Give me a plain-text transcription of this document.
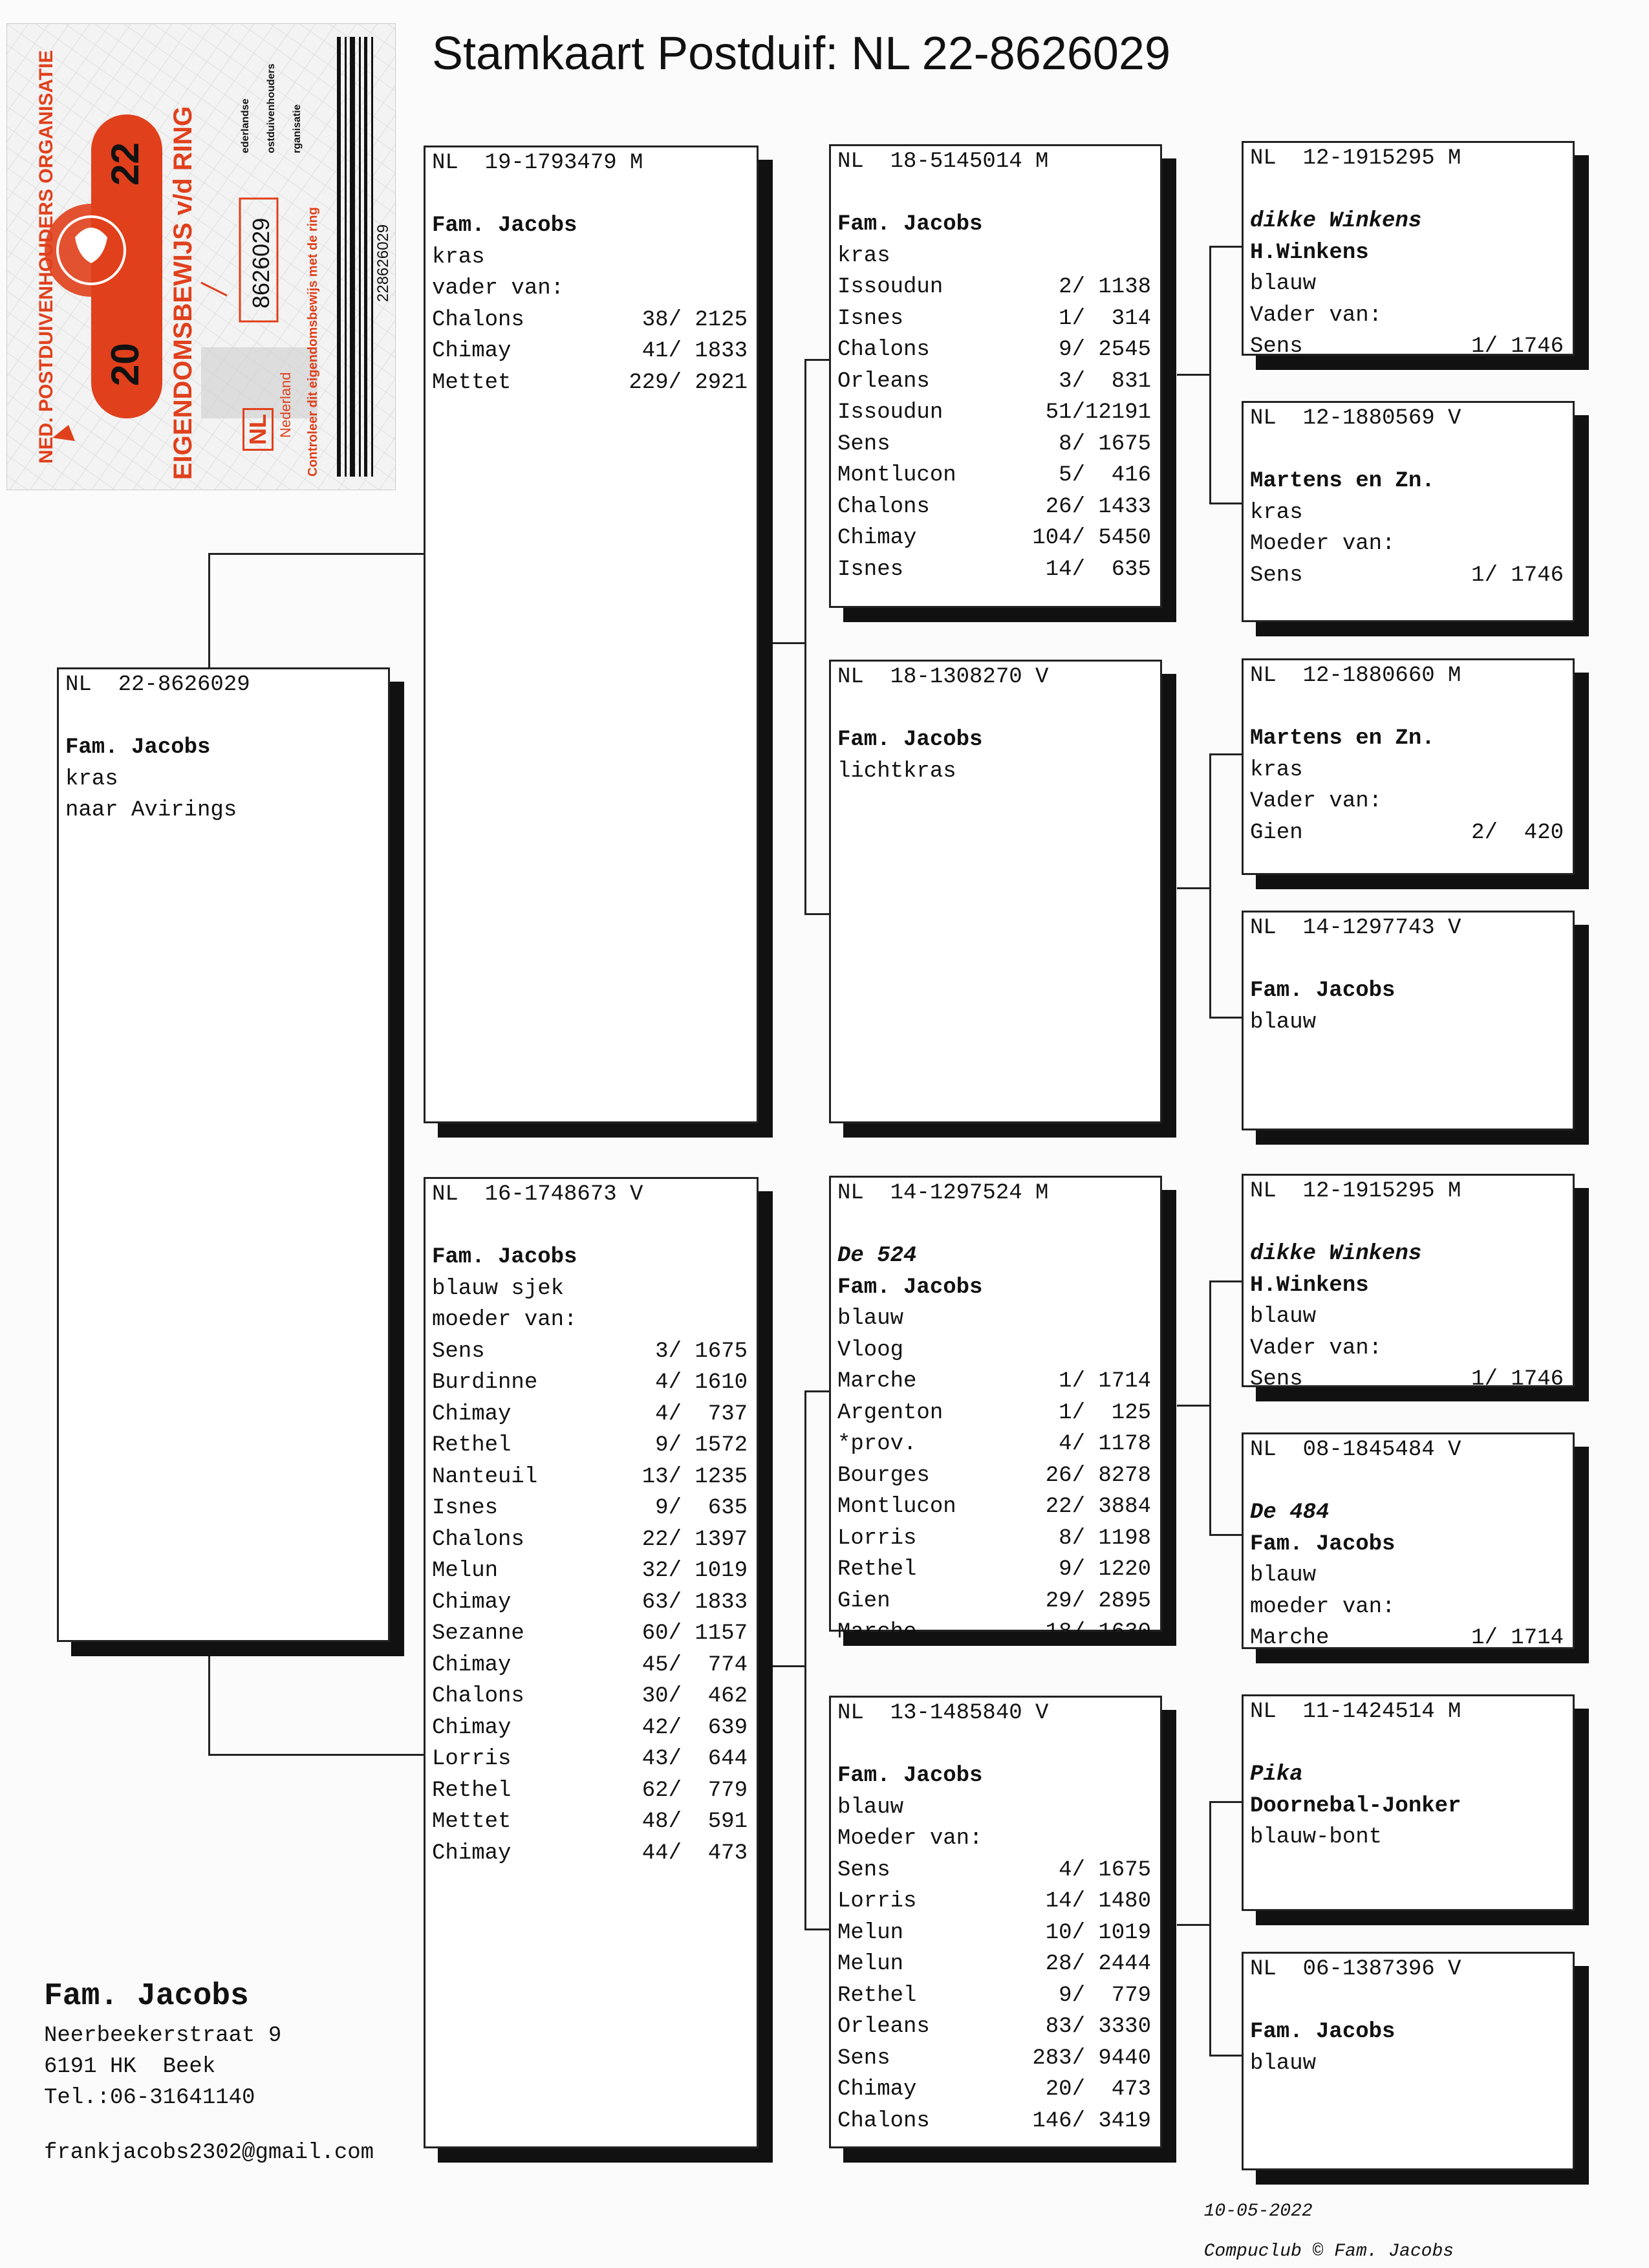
Stamkaart Postduif: NL 22-8626029
NED. POSTDUIVENHOUDERS ORGANISATIE	EIGENDOMSBEWIJS v/d RING
20
22
NL
8626029
Nederland Controleer dit eigendomsbewijs met de ring	228626029
ederlandse ostduivenhouders rganisatie
NL  22-8626029
Fam. Jacobs
kras
naar Avirings
NL  19-1793479 M
Fam. Jacobs
kras
vader van:
Chalons	38/ 2125
Chimay	41/ 1833
Mettet	229/ 2921
NL  16-1748673 V
Fam. Jacobs
blauw sjek
moeder van:
Sens	3/ 1675
Burdinne	4/ 1610
Chimay	4/  737
Rethel	9/ 1572
Nanteuil	13/ 1235
Isnes	9/  635
Chalons	22/ 1397
Melun	32/ 1019
Chimay	63/ 1833
Sezanne	60/ 1157
Chimay	45/  774
Chalons	30/  462
Chimay	42/  639
Lorris	43/  644
Rethel	62/  779
Mettet	48/  591
Chimay	44/  473
NL  18-5145014 M
Fam. Jacobs
kras
Issoudun	2/ 1138
Isnes	1/  314
Chalons	9/ 2545
Orleans	3/  831
Issoudun	51/12191
Sens	8/ 1675
Montlucon	5/  416
Chalons	26/ 1433
Chimay	104/ 5450
Isnes	14/  635
NL  18-1308270 V
Fam. Jacobs
lichtkras
NL  14-1297524 M
De 524
Fam. Jacobs
blauw
Vloog
Marche	1/ 1714
Argenton	1/  125
*prov.	4/ 1178
Bourges	26/ 8278
Montlucon	22/ 3884
Lorris	8/ 1198
Rethel	9/ 1220
Gien	29/ 2895
Marche	18/ 1630
NL  13-1485840 V
Fam. Jacobs
blauw
Moeder van:
Sens	4/ 1675
Lorris	14/ 1480
Melun	10/ 1019
Melun	28/ 2444
Rethel	9/  779
Orleans	83/ 3330
Sens	283/ 9440
Chimay	20/  473
Chalons	146/ 3419
NL  12-1915295 M
dikke Winkens
H.Winkens
blauw
Vader van:
Sens	1/ 1746
NL  12-1880569 V
Martens en Zn.
kras
Moeder van:
Sens	1/ 1746
NL  12-1880660 M
Martens en Zn.
kras
Vader van:
Gien	2/  420
NL  14-1297743 V
Fam. Jacobs
blauw
NL  12-1915295 M
dikke Winkens
H.Winkens
blauw
Vader van:
Sens	1/ 1746
NL  08-1845484 V
De 484
Fam. Jacobs
blauw
moeder van:
Marche	1/ 1714
NL  11-1424514 M
Pika
Doornebal-Jonker
blauw-bont
NL  06-1387396 V
Fam. Jacobs
blauw
Fam. Jacobs
Neerbeekerstraat 9
6191 HK  Beek
Tel.:06-31641140
frankjacobs2302@gmail.com

10-05-2022

Compuclub © Fam. Jacobs
